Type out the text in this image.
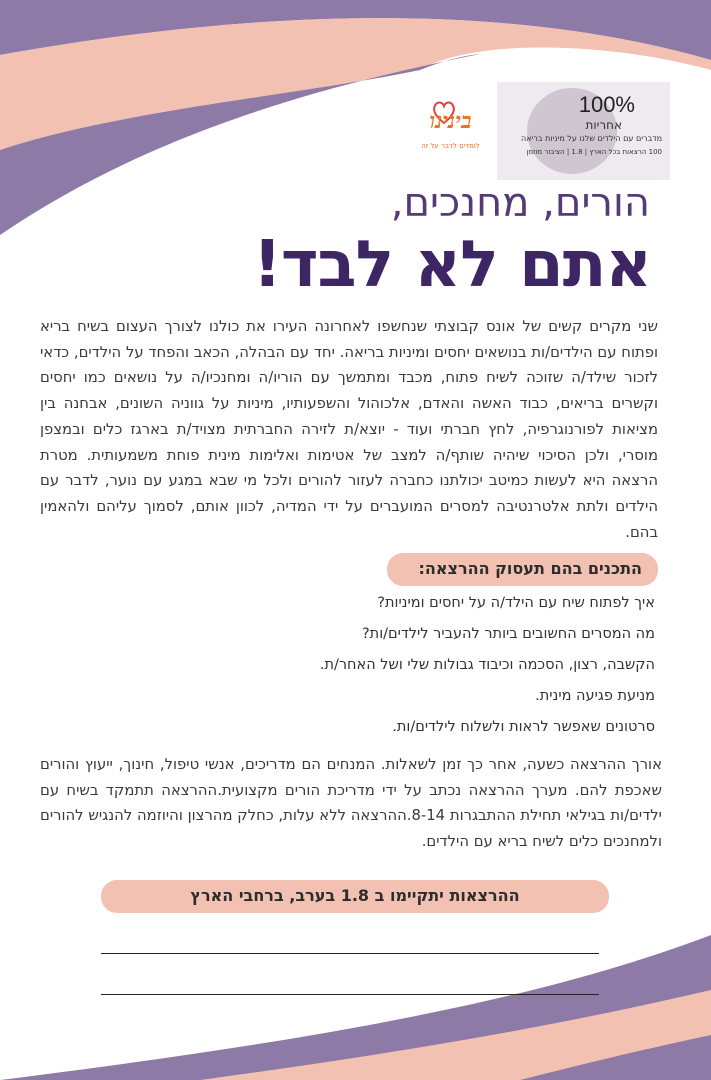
בינינו
לומדים לדבר על זה
100%
אחריות
מדברים עם הילדים שלנו על מיניות בריאה
100 הרצאות בכל הארץ | 1.8 | הציבור מוזמן
הורים, מחנכים,
אתם לא לבד!
שני מקרים קשים של אונס קבוצתי שנחשפו לאחרונה העירו את כולנו לצורך העצום בשיח בריא ופתוח עם הילדים/ות בנושאים יחסים ומיניות בריאה. יחד עם הבהלה, הכאב והפחד על הילדים, כדאי לזכור שילד/ה שזוכה לשיח פתוח, מכבד ומתמשך עם הוריו/ה ומחנכיו/ה על נושאים כמו יחסים וקשרים בריאים, כבוד האשה והאדם, אלכוהול והשפעותיו, מיניות על גווניה השונים, אבחנה בין מציאות לפורנוגרפיה, לחץ חברתי ועוד - יוצא/ת לזירה החברתית מצויד/ת בארגז כלים ובמצפן מוסרי, ולכן הסיכוי שיהיה שותף/ה למצב של אטימות ואלימות מינית פוחת משמעותית. מטרת הרצאה היא לעשות כמיטב יכולתנו כחברה לעזור להורים ולכל מי שבא במגע עם נוער, לדבר עם הילדים ולתת אלטרנטיבה למסרים המועברים על ידי המדיה, לכוון אותם, לסמוך עליהם ולהאמין בהם.
התכנים בהם תעסוק ההרצאה:
איך לפתוח שיח עם הילד/ה על יחסים ומיניות?
מה המסרים החשובים ביותר להעביר לילדים/ות?
הקשבה, רצון, הסכמה וכיבוד גבולות שלי ושל האחר/ת.
מניעת פגיעה מינית.
סרטונים שאפשר לראות ולשלוח לילדים/ות.
אורך ההרצאה כשעה, אחר כך זמן לשאלות. המנחים הם מדריכים, אנשי טיפול, חינוך, ייעוץ והורים שאכפת להם. מערך ההרצאה נכתב על ידי מדריכת הורים מקצועית.ההרצאה תתמקד בשיח עם ילדים/ות בגילאי תחילת ההתבגרות 8-14.ההרצאה ללא עלות, כחלק מהרצון והיוזמה להנגיש להורים ולמחנכים כלים לשיח בריא עם הילדים.
ההרצאות יתקיימו ב 1.8 בערב, ברחבי הארץ
